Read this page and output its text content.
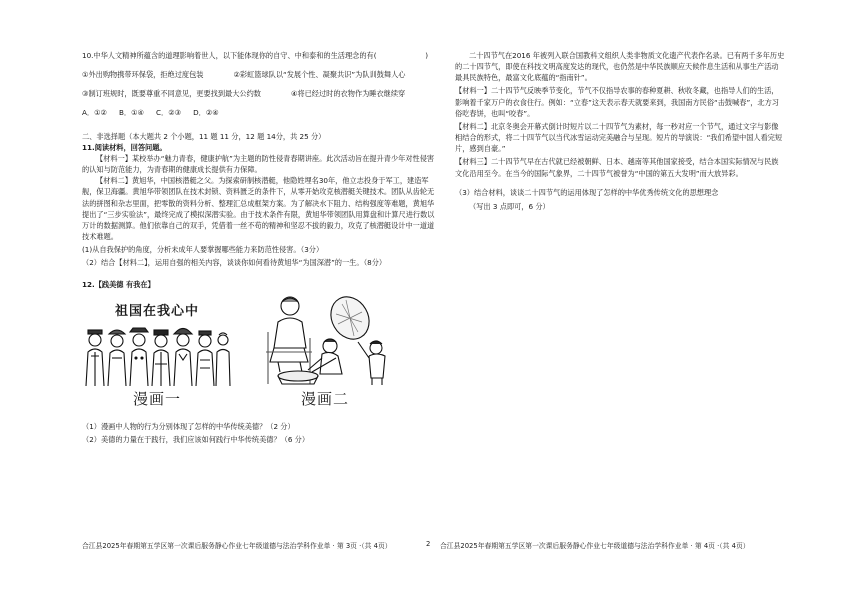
10.中华人文精神所蕴含的道理影响着世人，以下能体现你的自守、中和泰和的生活理念的有(	)
①外出购物携带环保袋，拒绝过度包装	②彩虹篮球队以“发展个性、凝聚共识”为队训鼓舞人心
③制订班规时，既要尊重不同意见，更要找到最大公约数	④将已经过时的衣物作为睡衣继续穿
A．①② B．①④ C．②③ D．②④

二、非选择题（本大题共 2 个小题，11 题 11 分，12 题 14分，共 25 分）

11.阅读材料，回答问题。

【材料一】某校举办“魅力青春，健康护航”为主题的防性侵青春期讲座。此次活动旨在提升青少年对性侵害的认知与防范能力，为青春期的健康成长提供有力保障。

【材料二】黄旭华，中国核潜艇之父。为探索研制核潜艇，他隐姓埋名30年，他立志投身于军工，建造军舰，保卫海疆。黄旭华带领团队在技术封锁、资料匮乏的条件下，从零开始攻克核潜艇关键技术。团队从齿轮无法的拼图和杂志里面，把零散的资料分析、整理汇总成框架方案。为了解决水下阻力、结构强度等难题，黄旭华提出了“三步实验法”，最终完成了模拟深潜实验。由于技术条件有限，黄旭华带领团队用算盘和计算尺进行数以万计的数据测算。他们依靠自己的双手，凭借着一丝不苟的精神和坚忍不拔的毅力，攻克了核潜艇设计中一道道技术难题。

(1)从自我保护的角度，分析未成年人要掌握哪些能力来防范性侵害。（3分）

（2）结合【材料二】，运用自强的相关内容，谈谈你如何看待黄旭华“为国深潜”的一生。（8分）

12.【践美德 有我在】

祖国在我心中
漫画一	漫画二

（1）漫画中人物的行为分别体现了怎样的中华传统美德？（2 分）

（2）美德的力量在于践行，我们应该如何践行中华传统美德？（6 分）

二十四节气在2016 年被列入联合国教科文组织人类非物质文化遗产代表作名录。已有两千多年历史的二十四节气，即使在科技文明高度发达的现代，也仍然是中华民族顺应天候作息生活和从事生产活动最具民族特色，最富文化底蕴的“指南针”。

【材料一】二十四节气反映季节变化，节气不仅指导农事的春种夏耕、秋收冬藏，也指导人们的生活，影响着千家万户的衣食住行。例如：“立春”这天表示春天就要来到，我国南方民俗“击鼓喊春”，北方习俗吃春饼，也叫“咬春”。

【材料二】北京冬奥会开幕式倒计时短片以二十四节气为素材，每一秒对应一个节气，通过文字与影像相结合的形式，将二十四节气以当代冰雪运动完美融合与呈现。短片的导演说：“我们希望中国人看完短片，感到自豪。”

【材料三】二十四节气早在古代就已经被朝鲜、日本、越南等其他国家接受，结合本国实际情况与民族文化沿用至今。在当今的国际气象界，二十四节气被誉为“中国的第五大发明”而大放异彩。

（3）结合材料，谈谈二十四节气的运用体现了怎样的中华优秀传统文化的思想理念

（写出 3 点即可，6 分）

合江县2025年春期第五学区第一次课后服务静心作业七年级道德与法治学科作业单 · 第 3页 ·（共 4页）	2 合江县2025年春期第五学区第一次课后服务静心作业七年级道德与法治学科作业单 · 第 4页 ·（共 4页）
